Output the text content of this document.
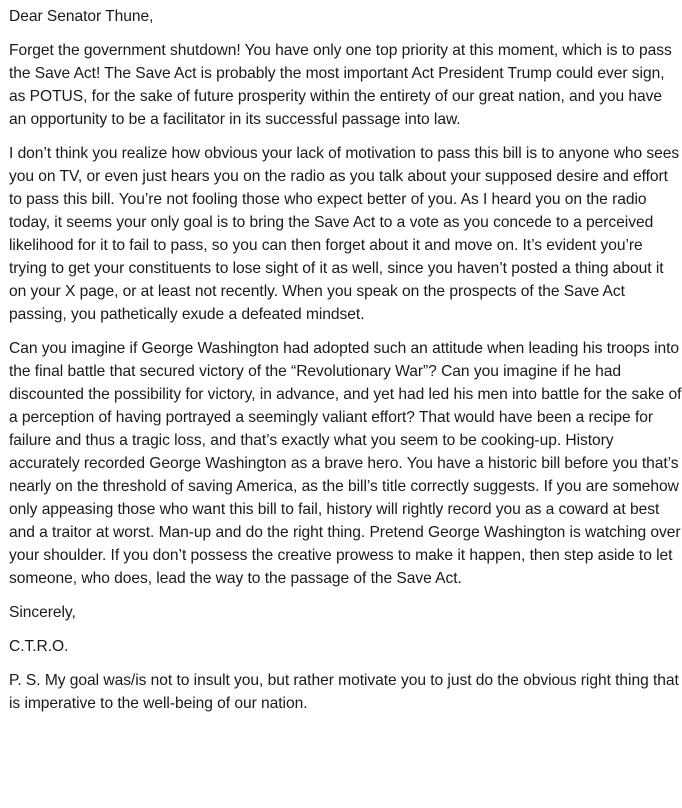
Dear Senator Thune,

Forget the government shutdown! You have only one top priority at this moment, which is to pass the Save Act! The Save Act is probably the most important Act President Trump could ever sign, as POTUS, for the sake of future prosperity within the entirety of our great nation, and you have an opportunity to be a facilitator in its successful passage into law.

I don’t think you realize how obvious your lack of motivation to pass this bill is to anyone who sees you on TV, or even just hears you on the radio as you talk about your supposed desire and effort to pass this bill. You’re not fooling those who expect better of you. As I heard you on the radio today, it seems your only goal is to bring the Save Act to a vote as you concede to a perceived likelihood for it to fail to pass, so you can then forget about it and move on. It’s evident you’re trying to get your constituents to lose sight of it as well, since you haven’t posted a thing about it on your X page, or at least not recently. When you speak on the prospects of the Save Act passing, you pathetically exude a defeated mindset.

Can you imagine if George Washington had adopted such an attitude when leading his troops into the final battle that secured victory of the “Revolutionary War”? Can you imagine if he had discounted the possibility for victory, in advance, and yet had led his men into battle for the sake of a perception of having portrayed a seemingly valiant effort? That would have been a recipe for failure and thus a tragic loss, and that’s exactly what you seem to be cooking-up. History accurately recorded George Washington as a brave hero. You have a historic bill before you that’s nearly on the threshold of saving America, as the bill’s title correctly suggests. If you are somehow only appeasing those who want this bill to fail, history will rightly record you as a coward at best and a traitor at worst. Man-up and do the right thing. Pretend George Washington is watching over your shoulder. If you don’t possess the creative prowess to make it happen, then step aside to let someone, who does, lead the way to the passage of the Save Act.

Sincerely,

C.T.R.O.

P. S. My goal was/is not to insult you, but rather motivate you to just do the obvious right thing that is imperative to the well-being of our nation.
